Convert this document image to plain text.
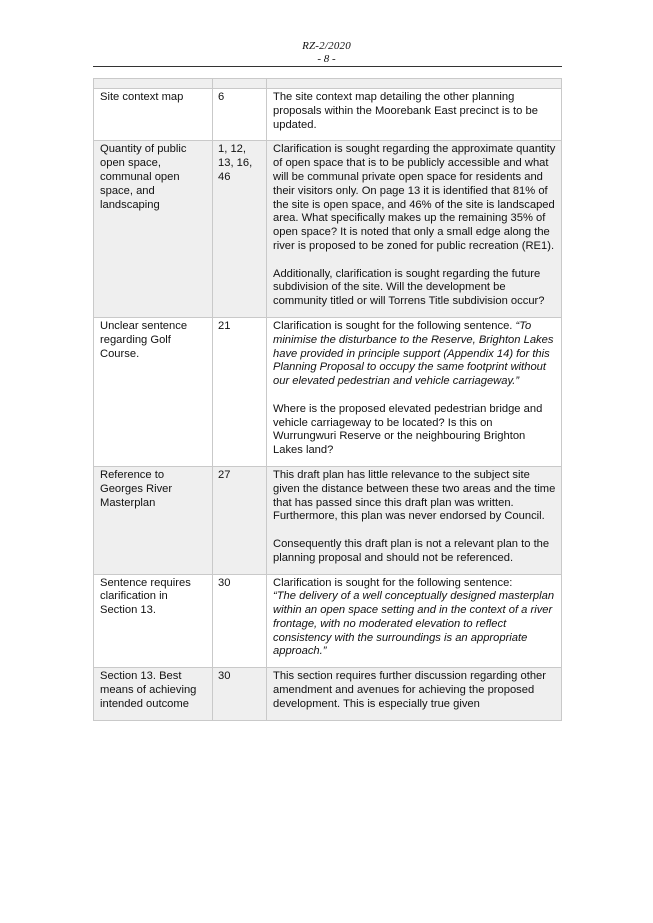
RZ-2/2020
- 8 -

Site context map	6	The site context map detailing the other planning proposals within the Moorebank East precinct is to be updated.

Quantity of public open space, communal open space, and landscaping	1, 12, 13, 16, 46	Clarification is sought regarding the approximate quantity of open space that is to be publicly accessible and what will be communal private open space for residents and their visitors only. On page 13 it is identified that 81% of the site is open space, and 46% of the site is landscaped area. What specifically makes up the remaining 35% of open space? It is noted that only a small edge along the river is proposed to be zoned for public recreation (RE1).

Additionally, clarification is sought regarding the future subdivision of the site. Will the development be community titled or will Torrens Title subdivision occur?

Unclear sentence regarding Golf Course.	21	Clarification is sought for the following sentence. “To minimise the disturbance to the Reserve, Brighton Lakes have provided in principle support (Appendix 14) for this Planning Proposal to occupy the same footprint without our elevated pedestrian and vehicle carriageway.”

Where is the proposed elevated pedestrian bridge and vehicle carriageway to be located? Is this on Wurrungwuri Reserve or the neighbouring Brighton Lakes land?

Reference to Georges River Masterplan	27	This draft plan has little relevance to the subject site given the distance between these two areas and the time that has passed since this draft plan was written. Furthermore, this plan was never endorsed by Council.

Consequently this draft plan is not a relevant plan to the planning proposal and should not be referenced.

Sentence requires clarification in Section 13.	30	Clarification is sought for the following sentence:
“The delivery of a well conceptually designed masterplan within an open space setting and in the context of a river frontage, with no moderated elevation to reflect consistency with the surroundings is an appropriate approach.”

Section 13. Best means of achieving intended outcome	30	This section requires further discussion regarding other amendment and avenues for achieving the proposed development. This is especially true given
